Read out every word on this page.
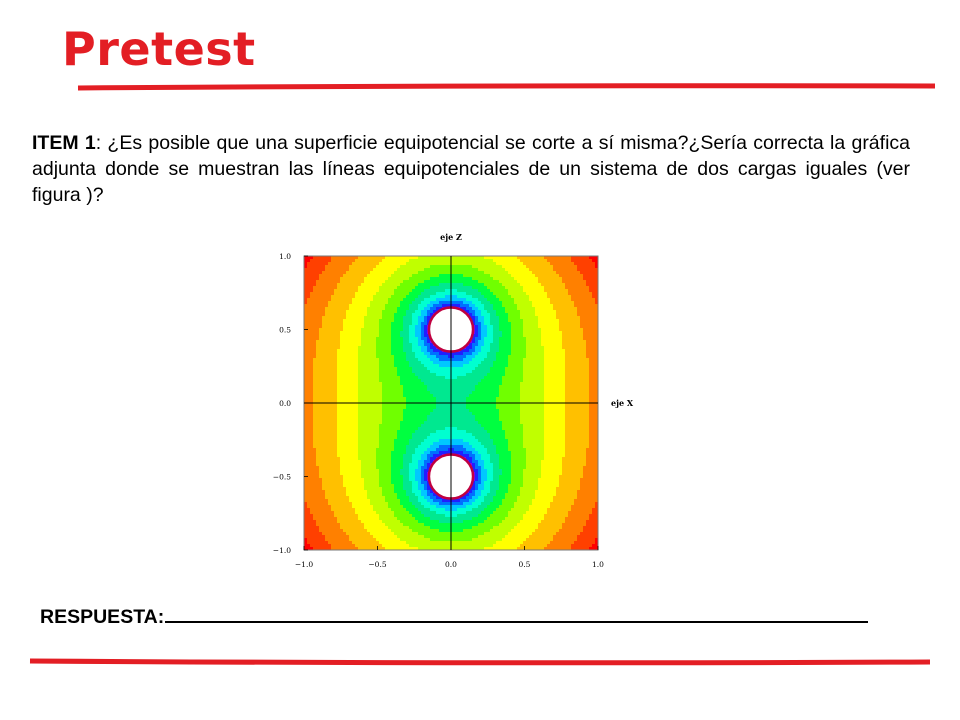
Pretest

ITEM 1: ¿Es posible que una superficie equipotencial se corte a sí misma?¿Sería correcta la gráfica adjunta donde se muestran las líneas equipotenciales de un sistema de dos cargas iguales (ver figura )?

−1.0	−0.5	0.0	0.5	1.0
1.0
0.5
0.0
−0.5
−1.0
eje X
eje Z
RESPUESTA:
